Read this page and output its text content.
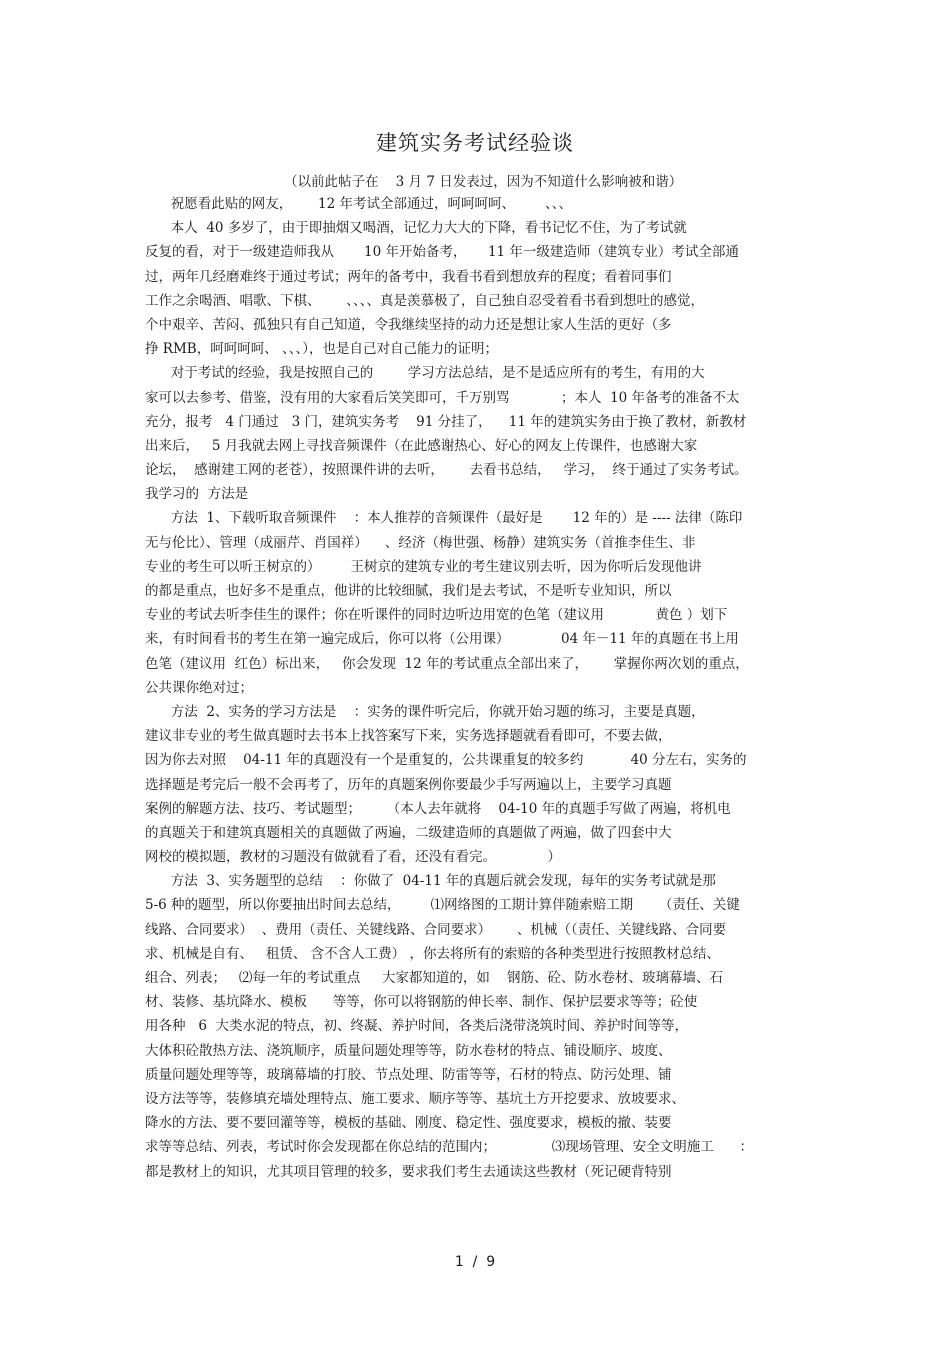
建筑实务考试经验谈
（以前此帖子在    3 月 7 日发表过，因为不知道什么影响被和谐）
祝愿看此贴的网友，      12 年考试全部通过，呵呵呵呵、       、、、
本人  40 多岁了，由于即抽烟又喝酒，记忆力大大的下降，看书记忆不住，为了考试就
反复的看，对于一级建造师我从       10 年开始备考，     11 年一级建造师（建筑专业）考试全部通
过，两年几经磨难终于通过考试；两年的备考中，我看书看到想放弃的程度；看着同事们
工作之余喝酒、唱歌、下棋、      、、、、真是羡慕极了，自己独自忍受着看书看到想吐的感觉，
个中艰辛、苦闷、孤独只有自己知道，令我继续坚持的动力还是想让家人生活的更好（多
挣 RMB，呵呵呵呵、 、、、），也是自己对自己能力的证明；
对于考试的经验，我是按照自己的        学习方法总结，是不是适应所有的考生，有用的大
家可以去参考、借鉴，没有用的大家看后笑笑即可，千万别骂            ；本人  10 年备考的准备不太
充分，报考   4 门通过   3 门，建筑实务考    91 分挂了，    11 年的建筑实务由于换了教材，新教材
出来后，   5 月我就去网上寻找音频课件（在此感谢热心、好心的网友上传课件，也感谢大家
论坛，  感谢建工网的老苍），按照课件讲的去听，      去看书总结，   学习，  终于通过了实务考试。
我学习的  方法是
方法  1、下载听取音频课件    ：本人推荐的音频课件（最好是       12 年的）是 ---- 法律（陈印
无与伦比）、管理（成丽芹、肖国祥）    、经济（梅世强、杨静）建筑实务（首推李佳生、非
专业的考生可以听王树京的）       王树京的建筑专业的考生建议别去听，因为你听后发现他讲
的都是重点，也好多不是重点，他讲的比较细腻，我们是去考试，不是听专业知识，所以
专业的考试去听李佳生的课件；你在听课件的同时边听边用宽的色笔（建议用            黄色 ）划下
来，有时间看书的考生在第一遍完成后，你可以将（公用课）            04 年－11 年的真题在书上用
色笔（建议用  红色）标出来，   你会发现  12 年的考试重点全部出来了，      掌握你两次划的重点，
公共课你绝对过；
方法  2、实务的学习方法是    ：实务的课件听完后，你就开始习题的练习，主要是真题，
建议非专业的考生做真题时去书本上找答案写下来，实务选择题就看看即可，不要去做，
因为你去对照    04-11 年的真题没有一个是重复的，公共课重复的较多约           40 分左右，实务的
选择题是考完后一般不会再考了，历年的真题案例你要最少手写两遍以上，主要学习真题
案例的解题方法、技巧、考试题型；      （本人去年就将    04-10 年的真题手写做了两遍，将机电
的真题关于和建筑真题相关的真题做了两遍，二级建造师的真题做了两遍，做了四套中大
网校的模拟题，教材的习题没有做就看了看，还没有看完。            ）
方法  3、实务题型的总结    ：你做了  04-11 年的真题后就会发现，每年的实务考试就是那
5-6 种的题型，所以你要抽出时间去总结，       ⑴网络图的工期计算伴随索赔工期      （责任、关键
线路、合同要求）  、费用（责任、关键线路、合同要求）      、机械（（责任、关键线路、合同要
求、机械是自有、   租赁、 含不含人工费） ，你去将所有的索赔的各种类型进行按照教材总结、
组合、列表；   ⑵每一年的考试重点     大家都知道的，如    钢筋、砼、防水卷材、玻璃幕墙、石
材、装修、基坑降水、模板      等等，你可以将钢筋的伸长率、制作、保护层要求等等；砼使
用各种   6  大类水泥的特点，初、终凝、养护时间，各类后浇带浇筑时间、养护时间等等，
大体积砼散热方法、浇筑顺序，质量问题处理等等，防水卷材的特点、铺设顺序、坡度、
质量问题处理等等，玻璃幕墙的打胶、节点处理、防雷等等，石材的特点、防污处理、铺
设方法等等，装修填充墙处理特点、施工要求、顺序等等、基坑土方开挖要求、放坡要求、
降水的方法、要不要回灌等等，模板的基础、刚度、稳定性、强度要求，模板的撤、装要
求等等总结、列表，考试时你会发现都在你总结的范围内；             ⑶现场管理、安全文明施工      ：
都是教材上的知识，尤其项目管理的较多，要求我们考生去通读这些教材（死记硬背特别
1  /  9
